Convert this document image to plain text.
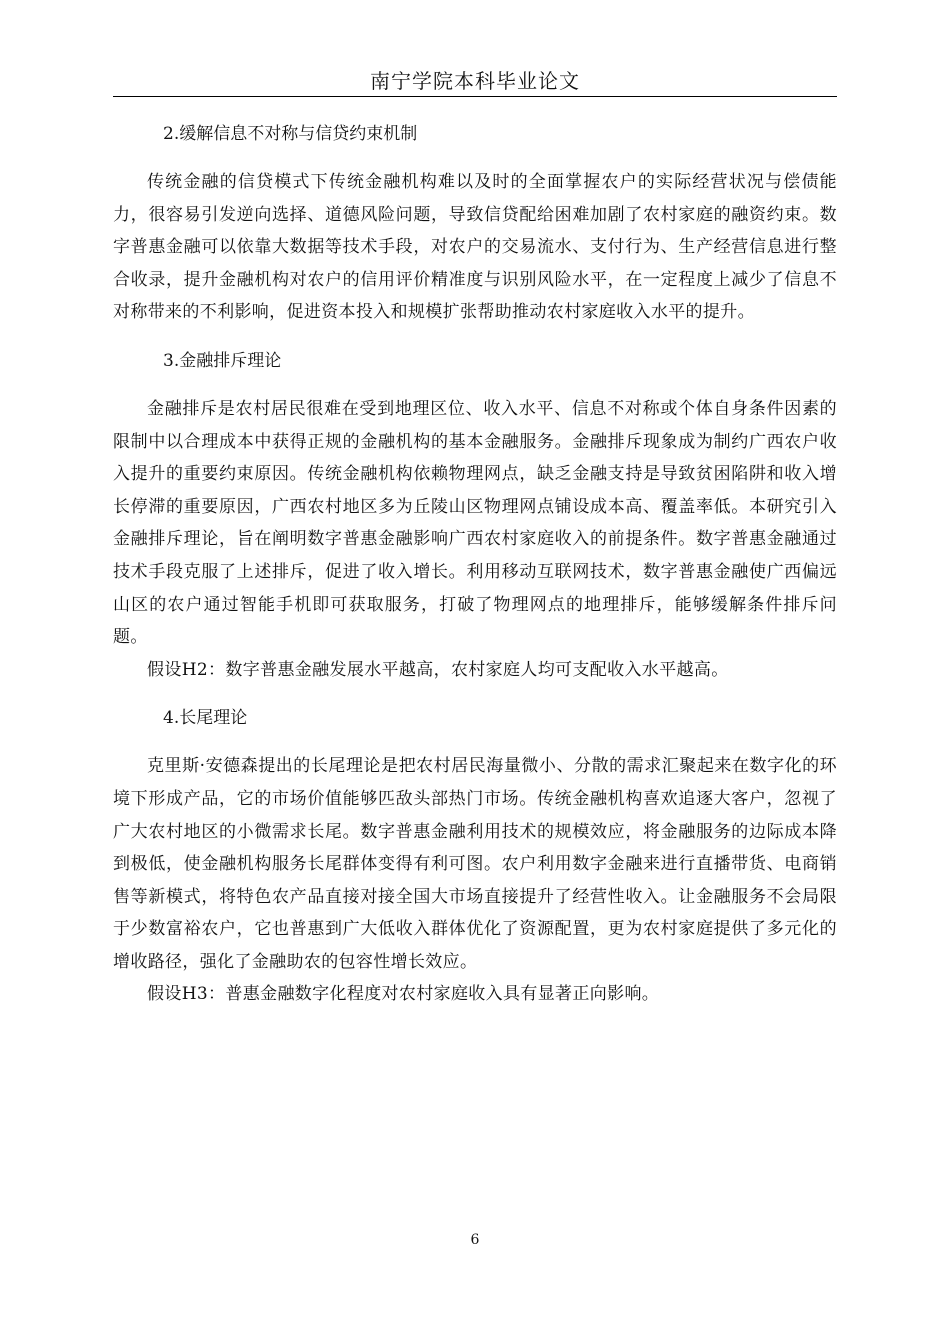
南宁学院本科毕业论文

2.缓解信息不对称与信贷约束机制

传统金融的信贷模式下传统金融机构难以及时的全面掌握农户的实际经营状况与偿债能力，很容易引发逆向选择、道德风险问题，导致信贷配给困难加剧了农村家庭的融资约束。数字普惠金融可以依靠大数据等技术手段，对农户的交易流水、支付行为、生产经营信息进行整合收录，提升金融机构对农户的信用评价精准度与识别风险水平，在一定程度上减少了信息不对称带来的不利影响，促进资本投入和规模扩张帮助推动农村家庭收入水平的提升。

3.金融排斥理论

金融排斥是农村居民很难在受到地理区位、收入水平、信息不对称或个体自身条件因素的限制中以合理成本中获得正规的金融机构的基本金融服务。金融排斥现象成为制约广西农户收入提升的重要约束原因。传统金融机构依赖物理网点，缺乏金融支持是导致贫困陷阱和收入增长停滞的重要原因，广西农村地区多为丘陵山区物理网点铺设成本高、覆盖率低。本研究引入金融排斥理论，旨在阐明数字普惠金融影响广西农村家庭收入的前提条件。数字普惠金融通过技术手段克服了上述排斥，促进了收入增长。利用移动互联网技术，数字普惠金融使广西偏远山区的农户通过智能手机即可获取服务，打破了物理网点的地理排斥，能够缓解条件排斥问题。

假设H2：数字普惠金融发展水平越高，农村家庭人均可支配收入水平越高。

4.长尾理论

克里斯·安德森提出的长尾理论是把农村居民海量微小、分散的需求汇聚起来在数字化的环境下形成产品，它的市场价值能够匹敌头部热门市场。传统金融机构喜欢追逐大客户，忽视了广大农村地区的小微需求长尾。数字普惠金融利用技术的规模效应，将金融服务的边际成本降到极低，使金融机构服务长尾群体变得有利可图。农户利用数字金融来进行直播带货、电商销售等新模式，将特色农产品直接对接全国大市场直接提升了经营性收入。让金融服务不会局限于少数富裕农户，它也普惠到广大低收入群体优化了资源配置，更为农村家庭提供了多元化的增收路径，强化了金融助农的包容性增长效应。

假设H3：普惠金融数字化程度对农村家庭收入具有显著正向影响。

6
